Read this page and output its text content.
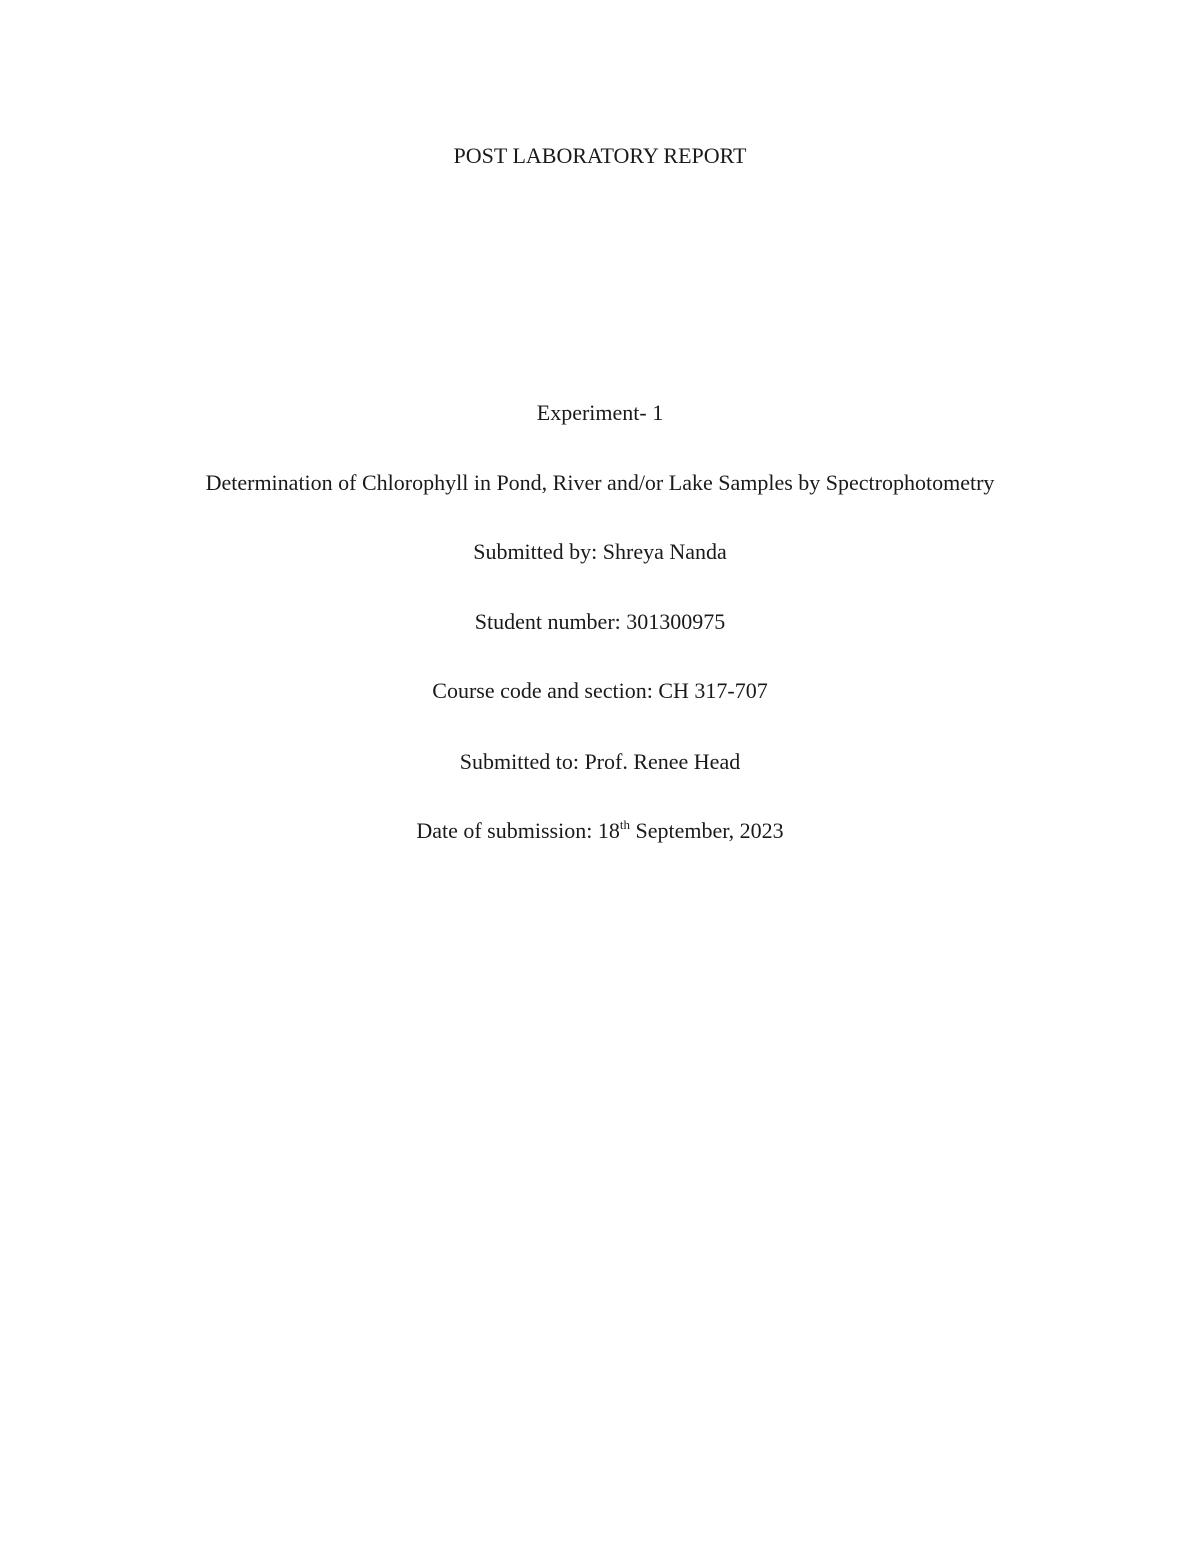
POST LABORATORY REPORT
Experiment- 1
Determination of Chlorophyll in Pond, River and/or Lake Samples by Spectrophotometry
Submitted by: Shreya Nanda
Student number: 301300975
Course code and section: CH 317-707
Submitted to: Prof. Renee Head
Date of submission: 18th September, 2023
